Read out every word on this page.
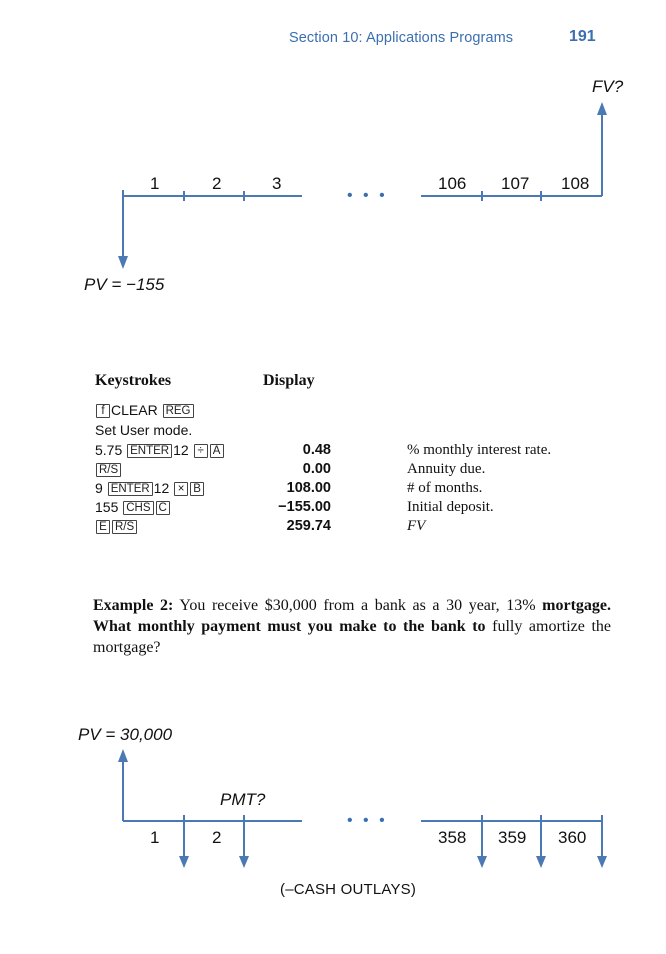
Section 10: Applications Programs	191
FV?
1	2	3	106 107 108
• • •
PV = −155
Keystrokes	Display
f CLEAR REG
Set User mode.
5.75 ENTER 12 ÷ A	0.48	% monthly interest rate.
R/S	0.00	Annuity due.
9 ENTER 12 × B	108.00	# of months.
155 CHS C	−155.00	Initial deposit.
E R/S	259.74	FV
Example 2: You receive $30,000 from a bank as a 30 year, 13% mortgage. What monthly payment must you make to the bank to fully amortize the mortgage?
PV = 30,000
PMT?
1	2	358 359 360
• • •
(–CASH OUTLAYS)
